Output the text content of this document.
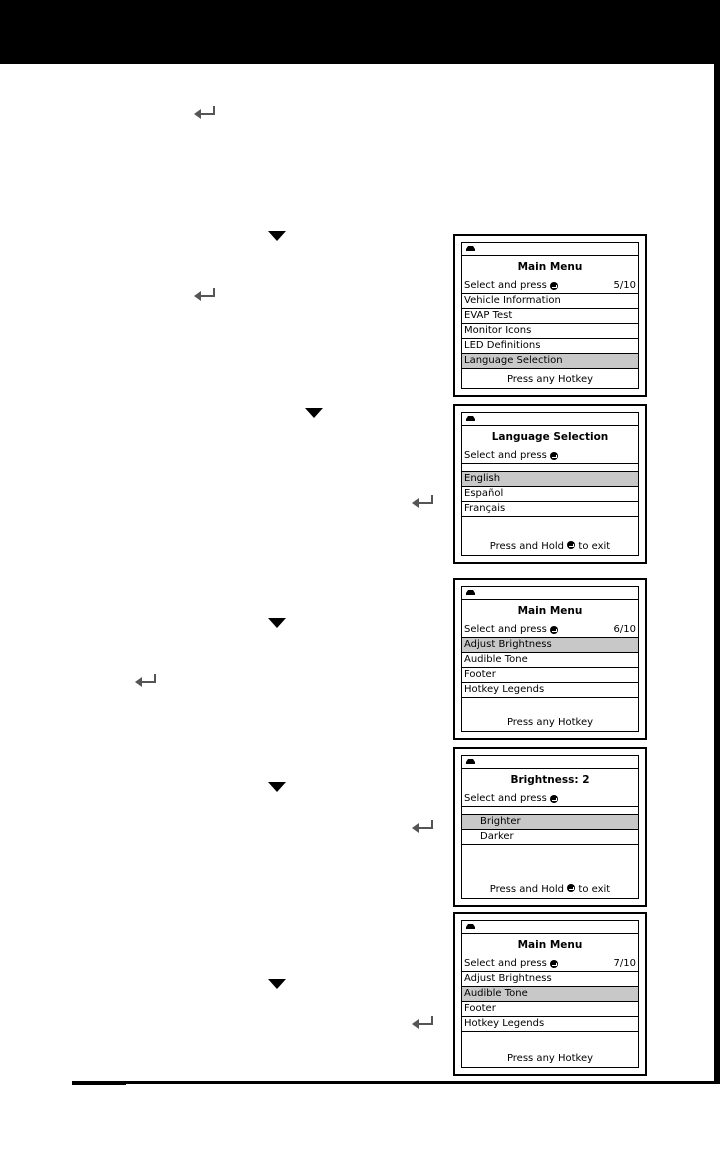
Main Menu
Select and press	5/10
Vehicle Information
EVAP Test
Monitor Icons
LED Definitions
Language Selection
Press any Hotkey
Language Selection
Select and press
English
Español
Français
Press and Hold to exit
Main Menu
Select and press	6/10
Adjust Brightness
Audible Tone
Footer
Hotkey Legends
Press any Hotkey
Brightness: 2
Select and press
Brighter
Darker
Press and Hold to exit
Main Menu
Select and press	7/10
Adjust Brightness
Audible Tone
Footer
Hotkey Legends
Press any Hotkey
